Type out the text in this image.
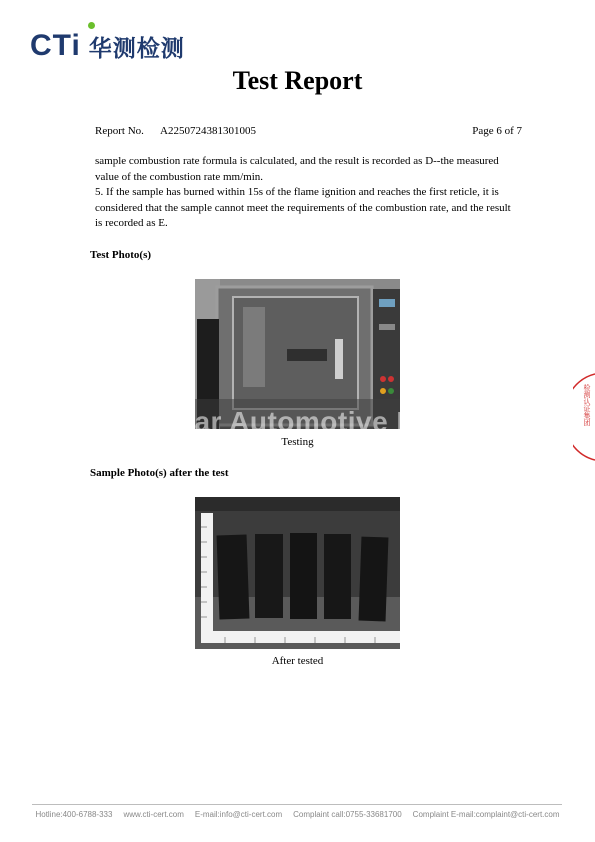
CTi 华测检测
Test Report
Report No. A2250724381301005	Page 6 of 7
sample combustion rate formula is calculated, and the result is recorded as D--the measured value of the combustion rate mm/min.
5. If the sample has burned within 15s of the flame ignition and reaches the first reticle, it is considered that the sample cannot meet the requirements of the combustion rate, and the result is recorded as E.
Test Photo(s)
Testing
Powerstar Automotive Interiors
Sample Photo(s) after the test
After tested
检测认证集团
Hotline:400-6788-333 www.cti-cert.com E-mail:info@cti-cert.com Complaint call:0755-33681700 Complaint E-mail:complaint@cti-cert.com
